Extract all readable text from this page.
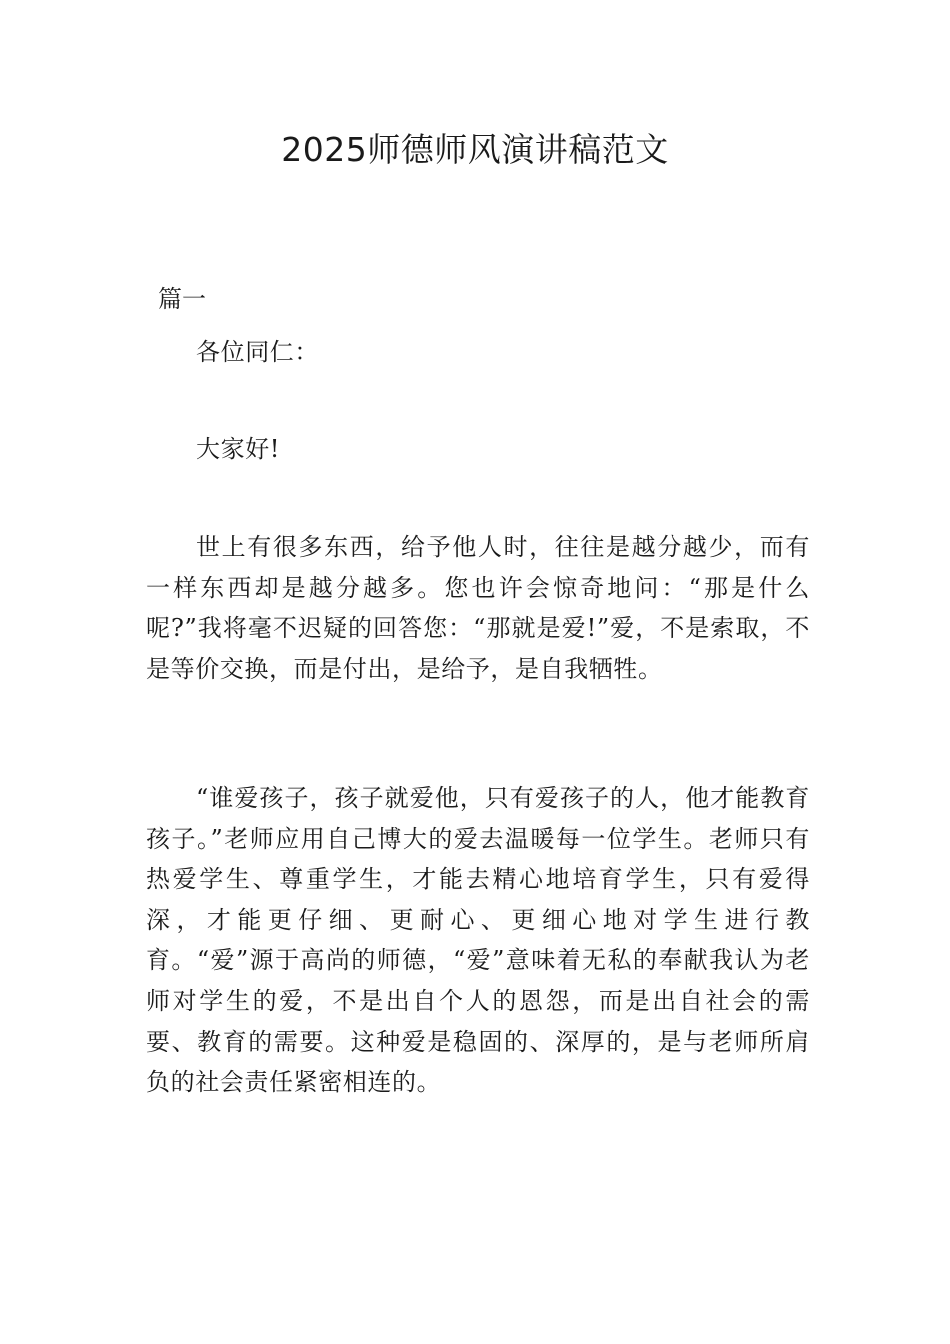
2025师德师风演讲稿范文

篇一

各位同仁：

大家好!

世上有很多东西，给予他人时，往往是越分越少，而有一样东西却是越分越多。您也许会惊奇地问：“那是什么呢?”我将毫不迟疑的回答您：“那就是爱!”爱，不是索取，不是等价交换，而是付出，是给予，是自我牺牲。

“谁爱孩子，孩子就爱他，只有爱孩子的人，他才能教育孩子。”老师应用自己博大的爱去温暖每一位学生。老师只有热爱学生、尊重学生，才能去精心地培育学生，只有爱得深，才能更仔细、更耐心、更细心地对学生进行教育。“爱”源于高尚的师德，“爱”意味着无私的奉献我认为老师对学生的爱，不是出自个人的恩怨，而是出自社会的需要、教育的需要。这种爱是稳固的、深厚的，是与老师所肩负的社会责任紧密相连的。
